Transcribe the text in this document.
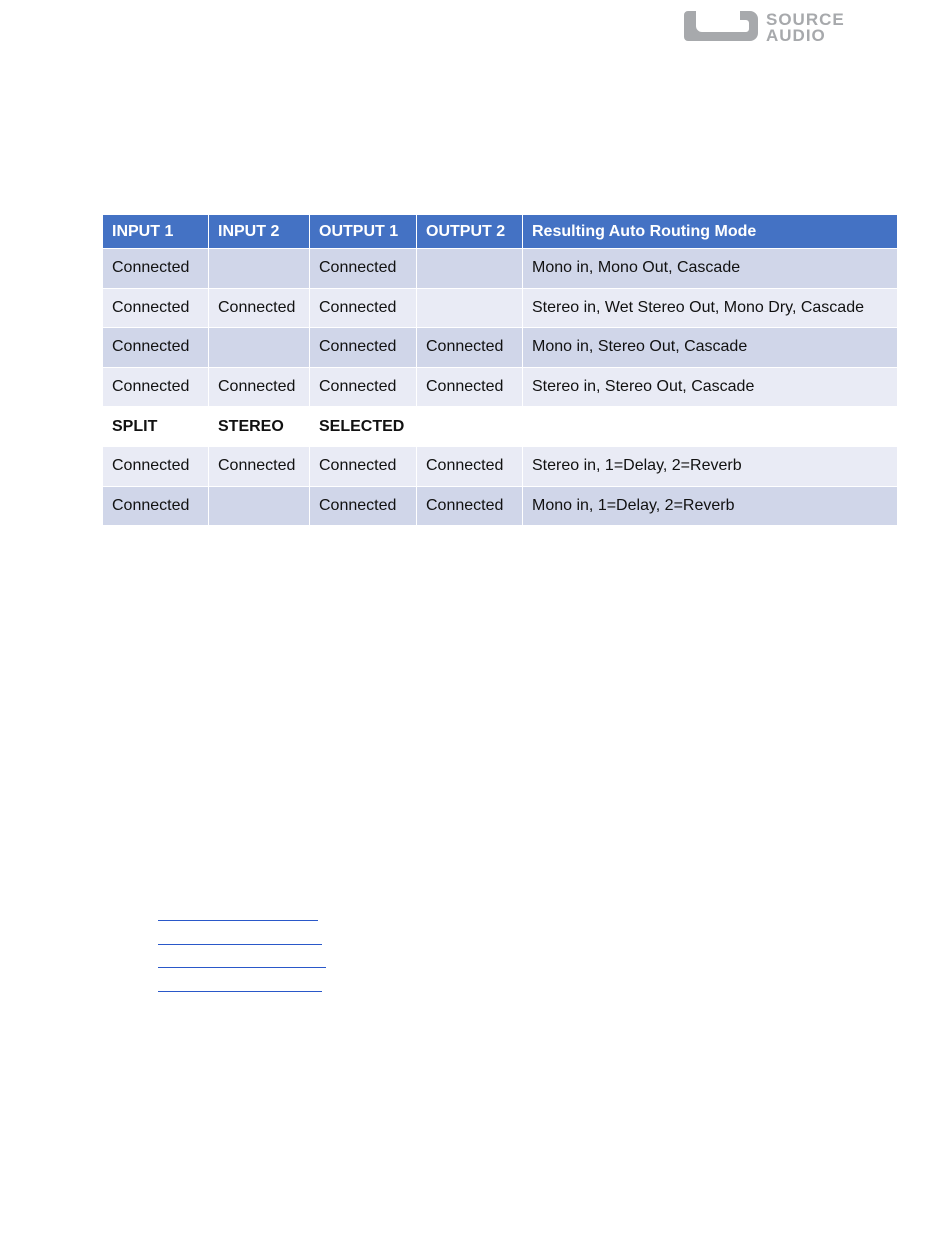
SOURCE
AUDIO
INPUT 1	INPUT 2	OUTPUT 1	OUTPUT 2	Resulting Auto Routing Mode
Connected		Connected		Mono in, Mono Out, Cascade
Connected	Connected	Connected		Stereo in, Wet Stereo Out, Mono Dry, Cascade
Connected		Connected	Connected	Mono in, Stereo Out, Cascade
Connected	Connected	Connected	Connected	Stereo in, Stereo Out, Cascade
SPLIT	STEREO	SELECTED		
Connected	Connected	Connected	Connected	Stereo in, 1=Delay, 2=Reverb
Connected		Connected	Connected	Mono in, 1=Delay, 2=Reverb
